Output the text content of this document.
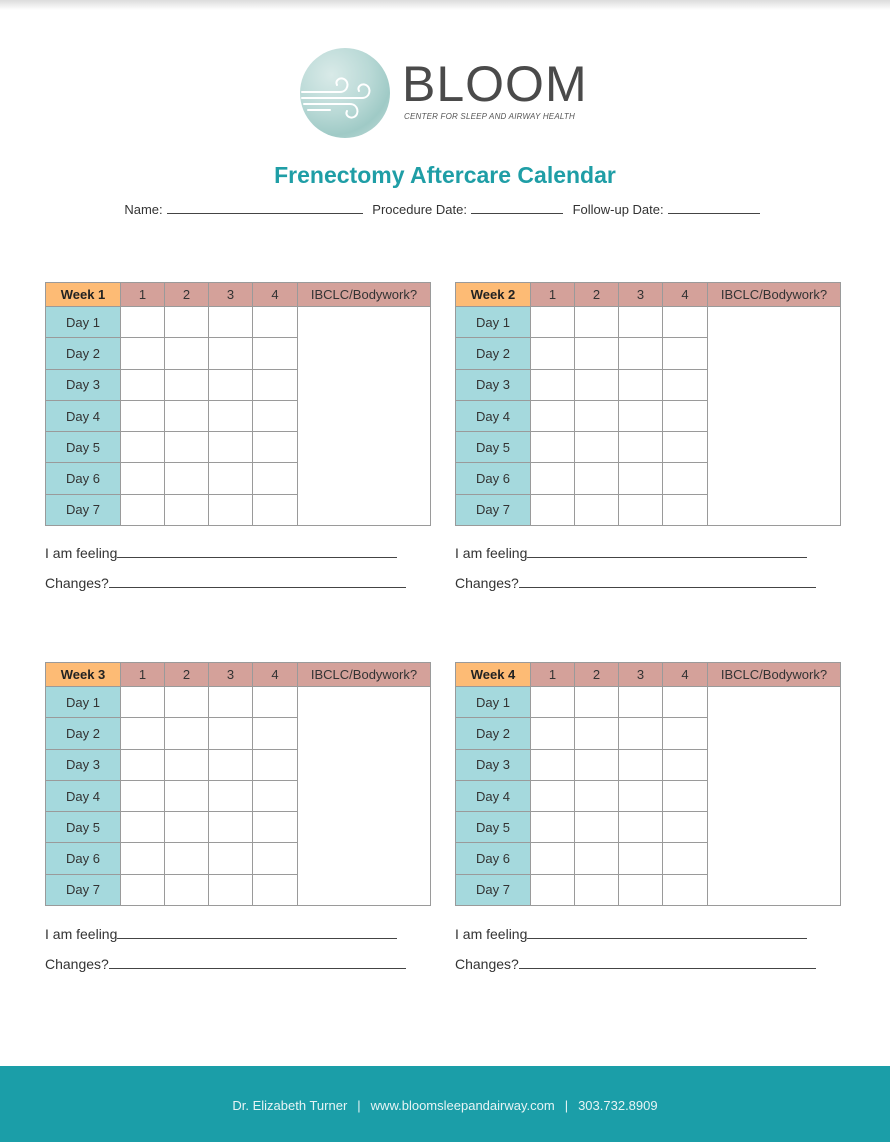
BLOOM
CENTER FOR SLEEP AND AIRWAY HEALTH
Frenectomy Aftercare Calendar
Name:	Procedure Date:	Follow-up Date:
Week 1	1	2	3	4	IBCLC/Bodywork?
Day 1					
Day 2					
Day 3					
Day 4					
Day 5					
Day 6					
Day 7					
I am feeling
Changes?
Week 2	1	2	3	4	IBCLC/Bodywork?
Day 1					
Day 2					
Day 3					
Day 4					
Day 5					
Day 6					
Day 7					
I am feeling
Changes?
Week 3	1	2	3	4	IBCLC/Bodywork?
Day 1					
Day 2					
Day 3					
Day 4					
Day 5					
Day 6					
Day 7					
I am feeling
Changes?
Week 4	1	2	3	4	IBCLC/Bodywork?
Day 1					
Day 2					
Day 3					
Day 4					
Day 5					
Day 6					
Day 7					
I am feeling
Changes?
Dr. Elizabeth Turner | www.bloomsleepandairway.com | 303.732.8909
